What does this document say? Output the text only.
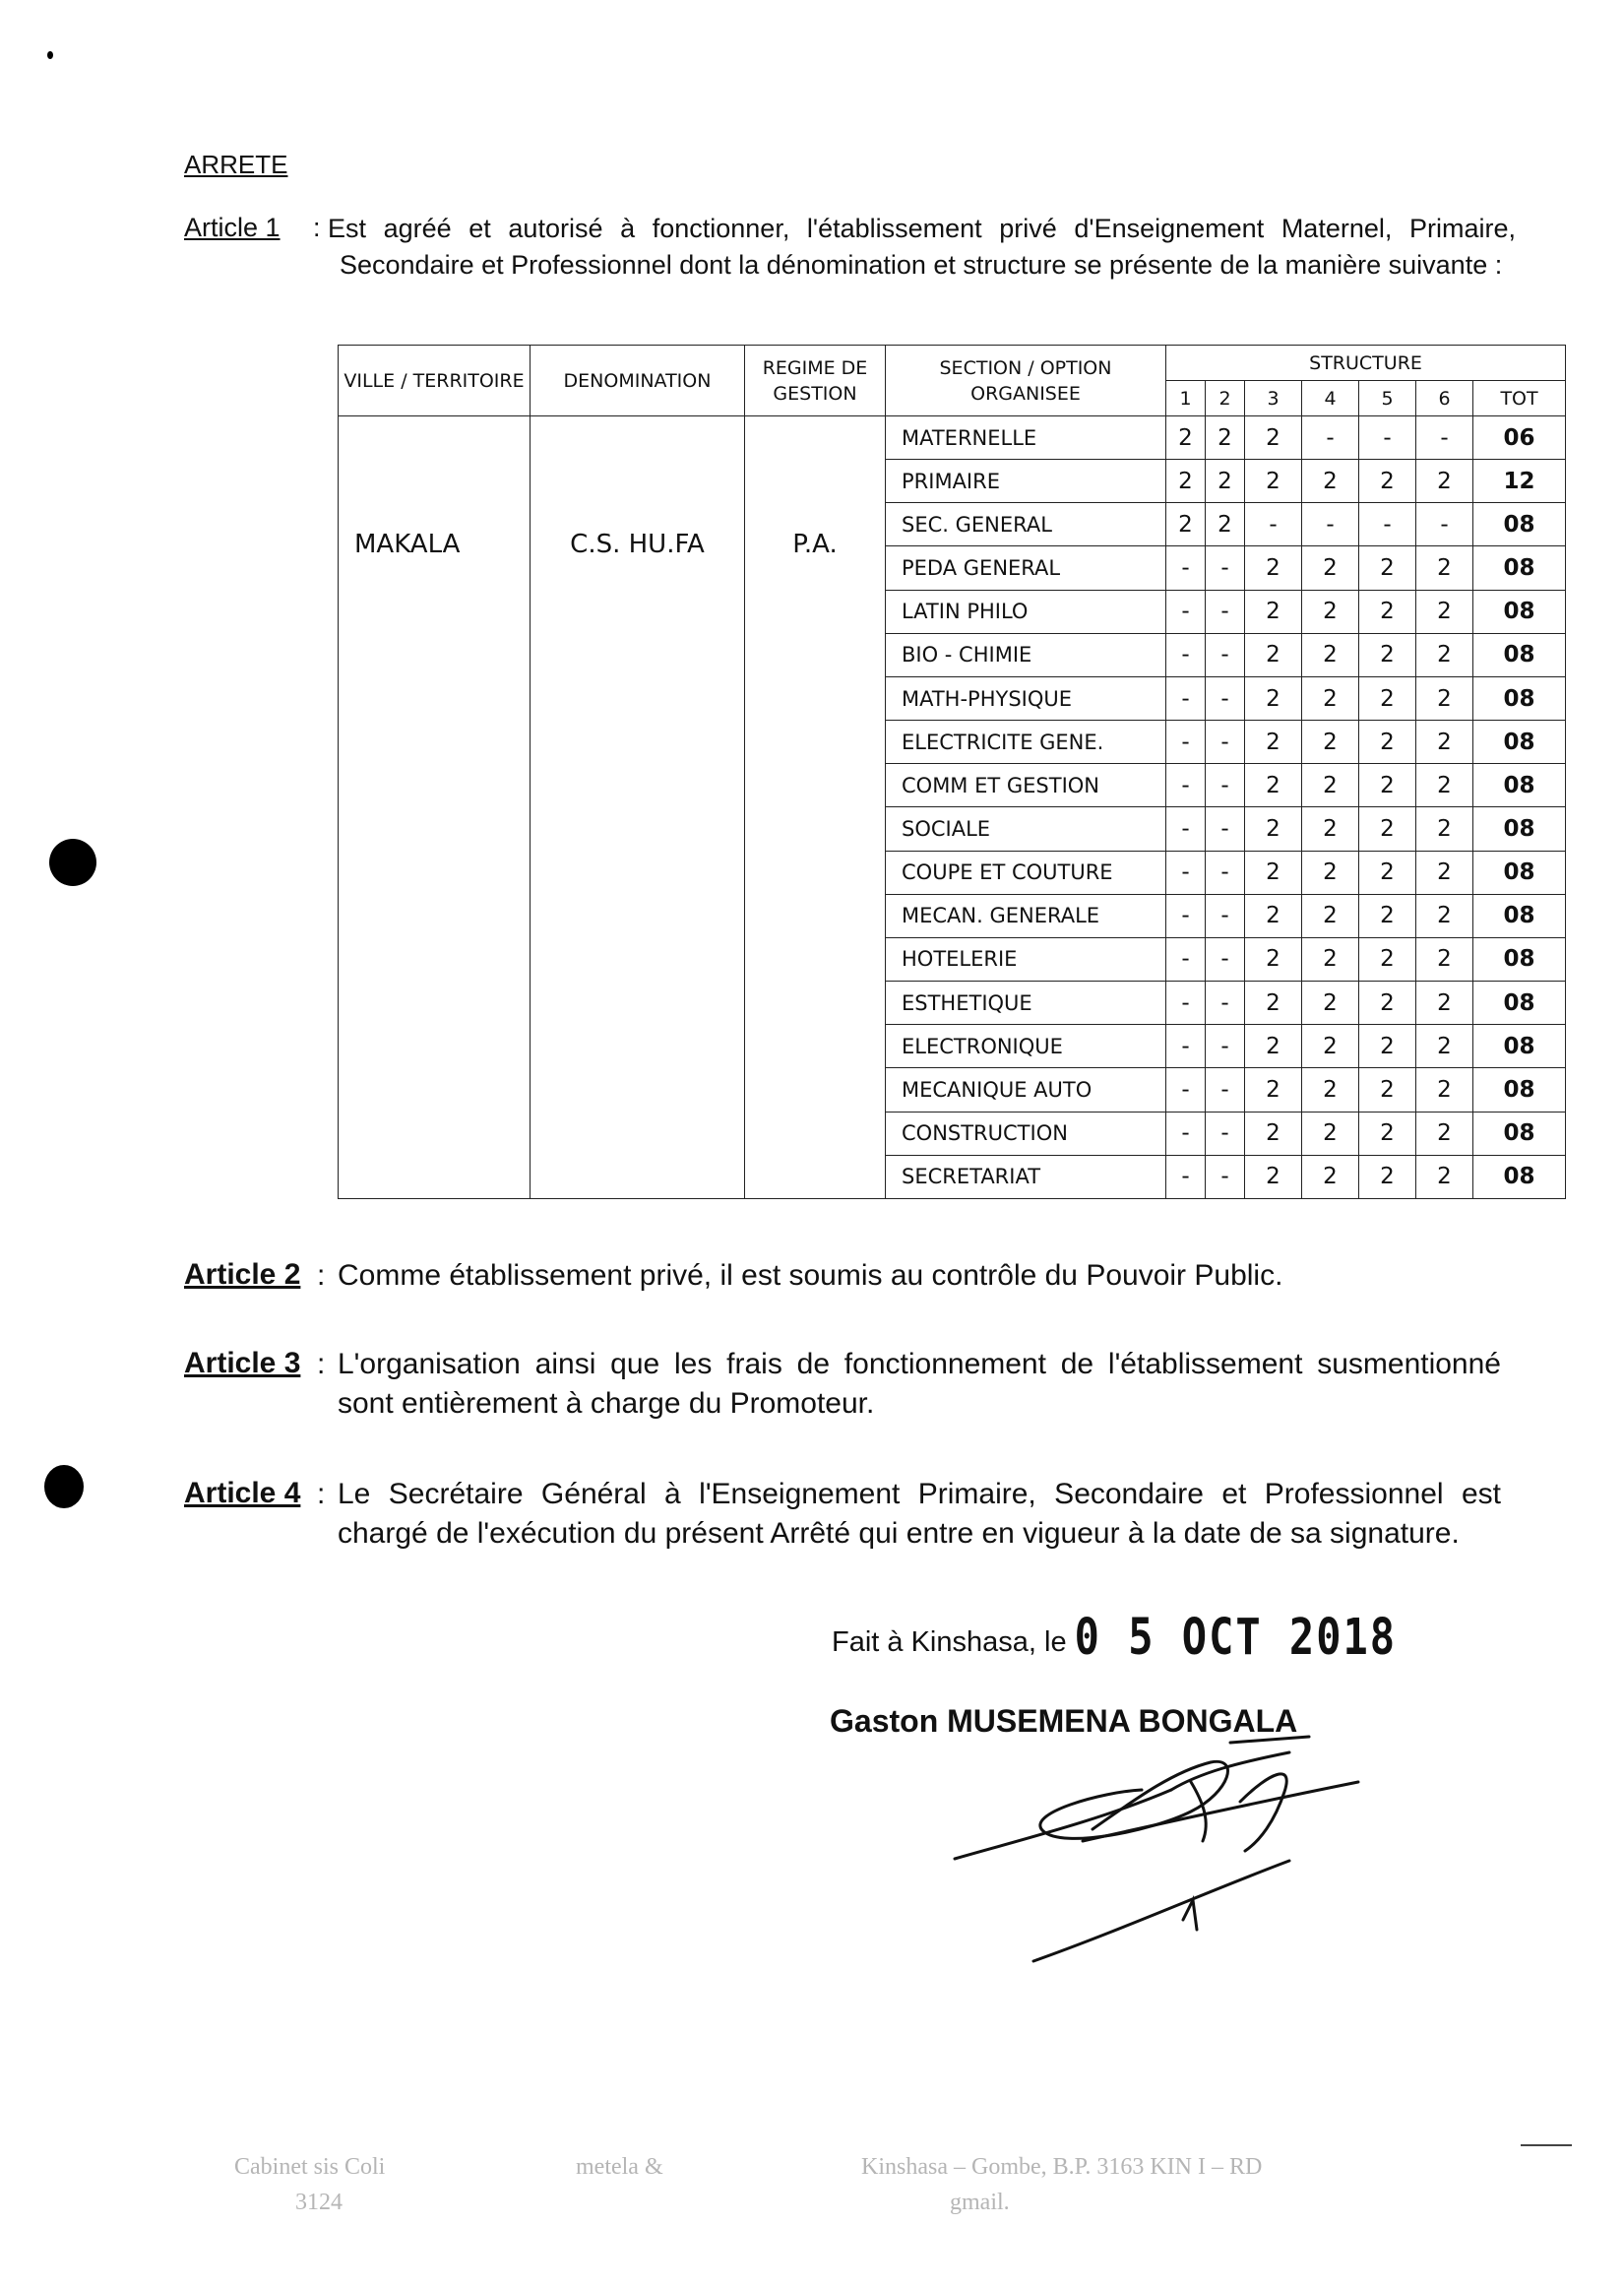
ARRETE
Article 1 : Est agréé et autorisé à fonctionner, l'établissement privé d'Enseignement Maternel, Primaire, Secondaire et Professionnel dont la dénomination et structure se présente de la manière suivante :
VILLE / TERRITOIRE	DENOMINATION	REGIME DE GESTION	SECTION / OPTION ORGANISEE	STRUCTURE						
				1	2	3	4	5	6	TOT
MAKALA	C.S. HU.FA	P.A.	MATERNELLE	2	2	2	-	-	-	06
			PRIMAIRE	2	2	2	2	2	2	12
			SEC. GENERAL	2	2	-	-	-	-	08
			PEDA GENERAL	-	-	2	2	2	2	08
			LATIN PHILO	-	-	2	2	2	2	08
			BIO - CHIMIE	-	-	2	2	2	2	08
			MATH-PHYSIQUE	-	-	2	2	2	2	08
			ELECTRICITE GENE.	-	-	2	2	2	2	08
			COMM ET GESTION	-	-	2	2	2	2	08
			SOCIALE	-	-	2	2	2	2	08
			COUPE ET COUTURE	-	-	2	2	2	2	08
			MECAN. GENERALE	-	-	2	2	2	2	08
			HOTELERIE	-	-	2	2	2	2	08
			ESTHETIQUE	-	-	2	2	2	2	08
			ELECTRONIQUE	-	-	2	2	2	2	08
			MECANIQUE AUTO	-	-	2	2	2	2	08
			CONSTRUCTION	-	-	2	2	2	2	08
			SECRETARIAT	-	-	2	2	2	2	08
Article 2 : Comme établissement privé, il est soumis au contrôle du Pouvoir Public.
Article 3 : L'organisation ainsi que les frais de fonctionnement de l'établissement susmentionné sont entièrement à charge du Promoteur.
Article 4 : Le Secrétaire Général à l'Enseignement Primaire, Secondaire et Professionnel est chargé de l'exécution du présent Arrêté qui entre en vigueur à la date de sa signature.
Fait à Kinshasa, le 0 5 OCT 2018
Gaston MUSEMENA BONGALA
Cabinet sis Coli	metela &	Kinshasa – Gombe, B.P. 3163 KIN I – RD
3124	gmail.
